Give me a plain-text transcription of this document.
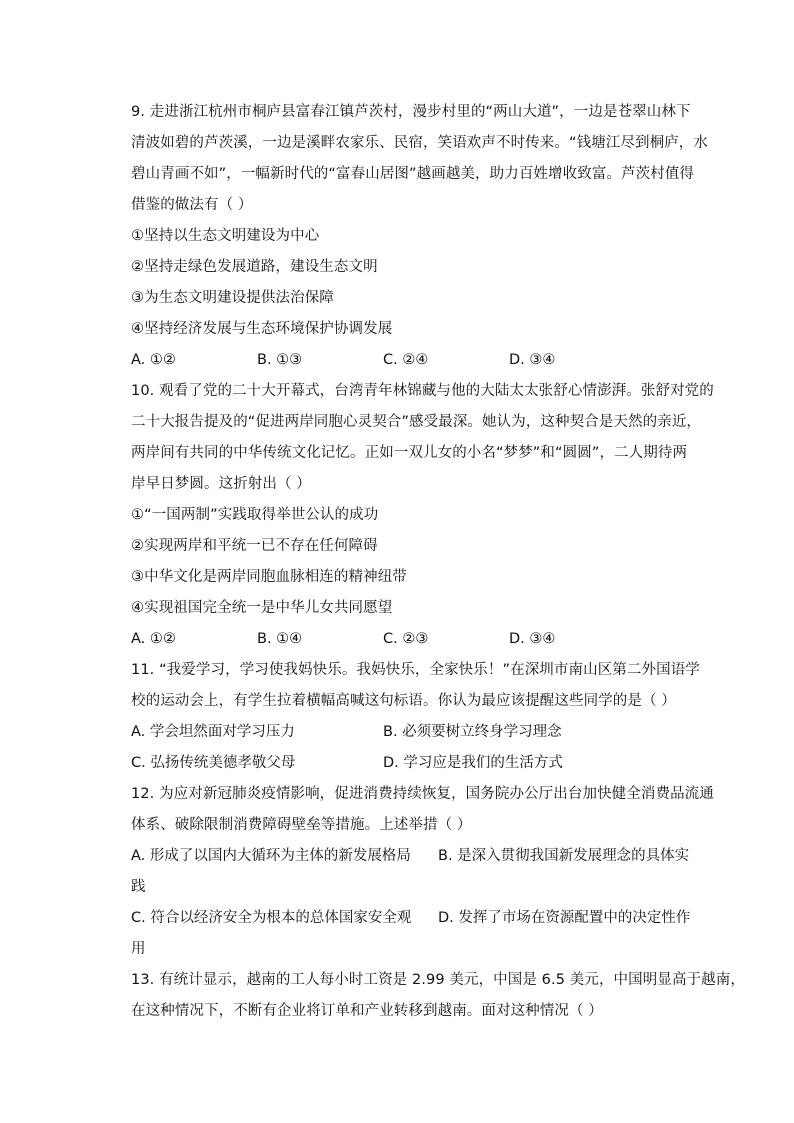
9. 走进浙江杭州市桐庐县富春江镇芦茨村，漫步村里的“两山大道”，一边是苍翠山林下
清波如碧的芦茨溪，一边是溪畔农家乐、民宿，笑语欢声不时传来。“钱塘江尽到桐庐，水
碧山青画不如”，一幅新时代的“富春山居图”越画越美，助力百姓增收致富。芦茨村值得
借鉴的做法有（ ）
①坚持以生态文明建设为中心
②坚持走绿色发展道路，建设生态文明
③为生态文明建设提供法治保障
④坚持经济发展与生态环境保护协调发展
A. ①②	B. ①③	C. ②④	D. ③④
10. 观看了党的二十大开幕式，台湾青年林锦藏与他的大陆太太张舒心情澎湃。张舒对党的
二十大报告提及的“促进两岸同胞心灵契合”感受最深。她认为，这种契合是天然的亲近，
两岸间有共同的中华传统文化记忆。正如一双儿女的小名“梦梦”和“圆圆”，二人期待两
岸早日梦圆。这折射出（ ）
①“一国两制”实践取得举世公认的成功
②实现两岸和平统一已不存在任何障碍
③中华文化是两岸同胞血脉相连的精神纽带
④实现祖国完全统一是中华儿女共同愿望
A. ①②	B. ①④	C. ②③	D. ③④
11. “我爱学习，学习使我妈快乐。我妈快乐，全家快乐！”在深圳市南山区第二外国语学
校的运动会上，有学生拉着横幅高喊这句标语。你认为最应该提醒这些同学的是（ ）
A. 学会坦然面对学习压力	B. 必须要树立终身学习理念
C. 弘扬传统美德孝敬父母	D. 学习应是我们的生活方式
12. 为应对新冠肺炎疫情影响，促进消费持续恢复，国务院办公厅出台加快健全消费品流通
体系、破除限制消费障碍壁垒等措施。上述举措（ ）
A. 形成了以国内大循环为主体的新发展格局	B. 是深入贯彻我国新发展理念的具体实
践
C. 符合以经济安全为根本的总体国家安全观	D. 发挥了市场在资源配置中的决定性作
用
13. 有统计显示，越南的工人每小时工资是 2.99 美元，中国是 6.5 美元，中国明显高于越南，
在这种情况下，不断有企业将订单和产业转移到越南。面对这种情况（ ）
